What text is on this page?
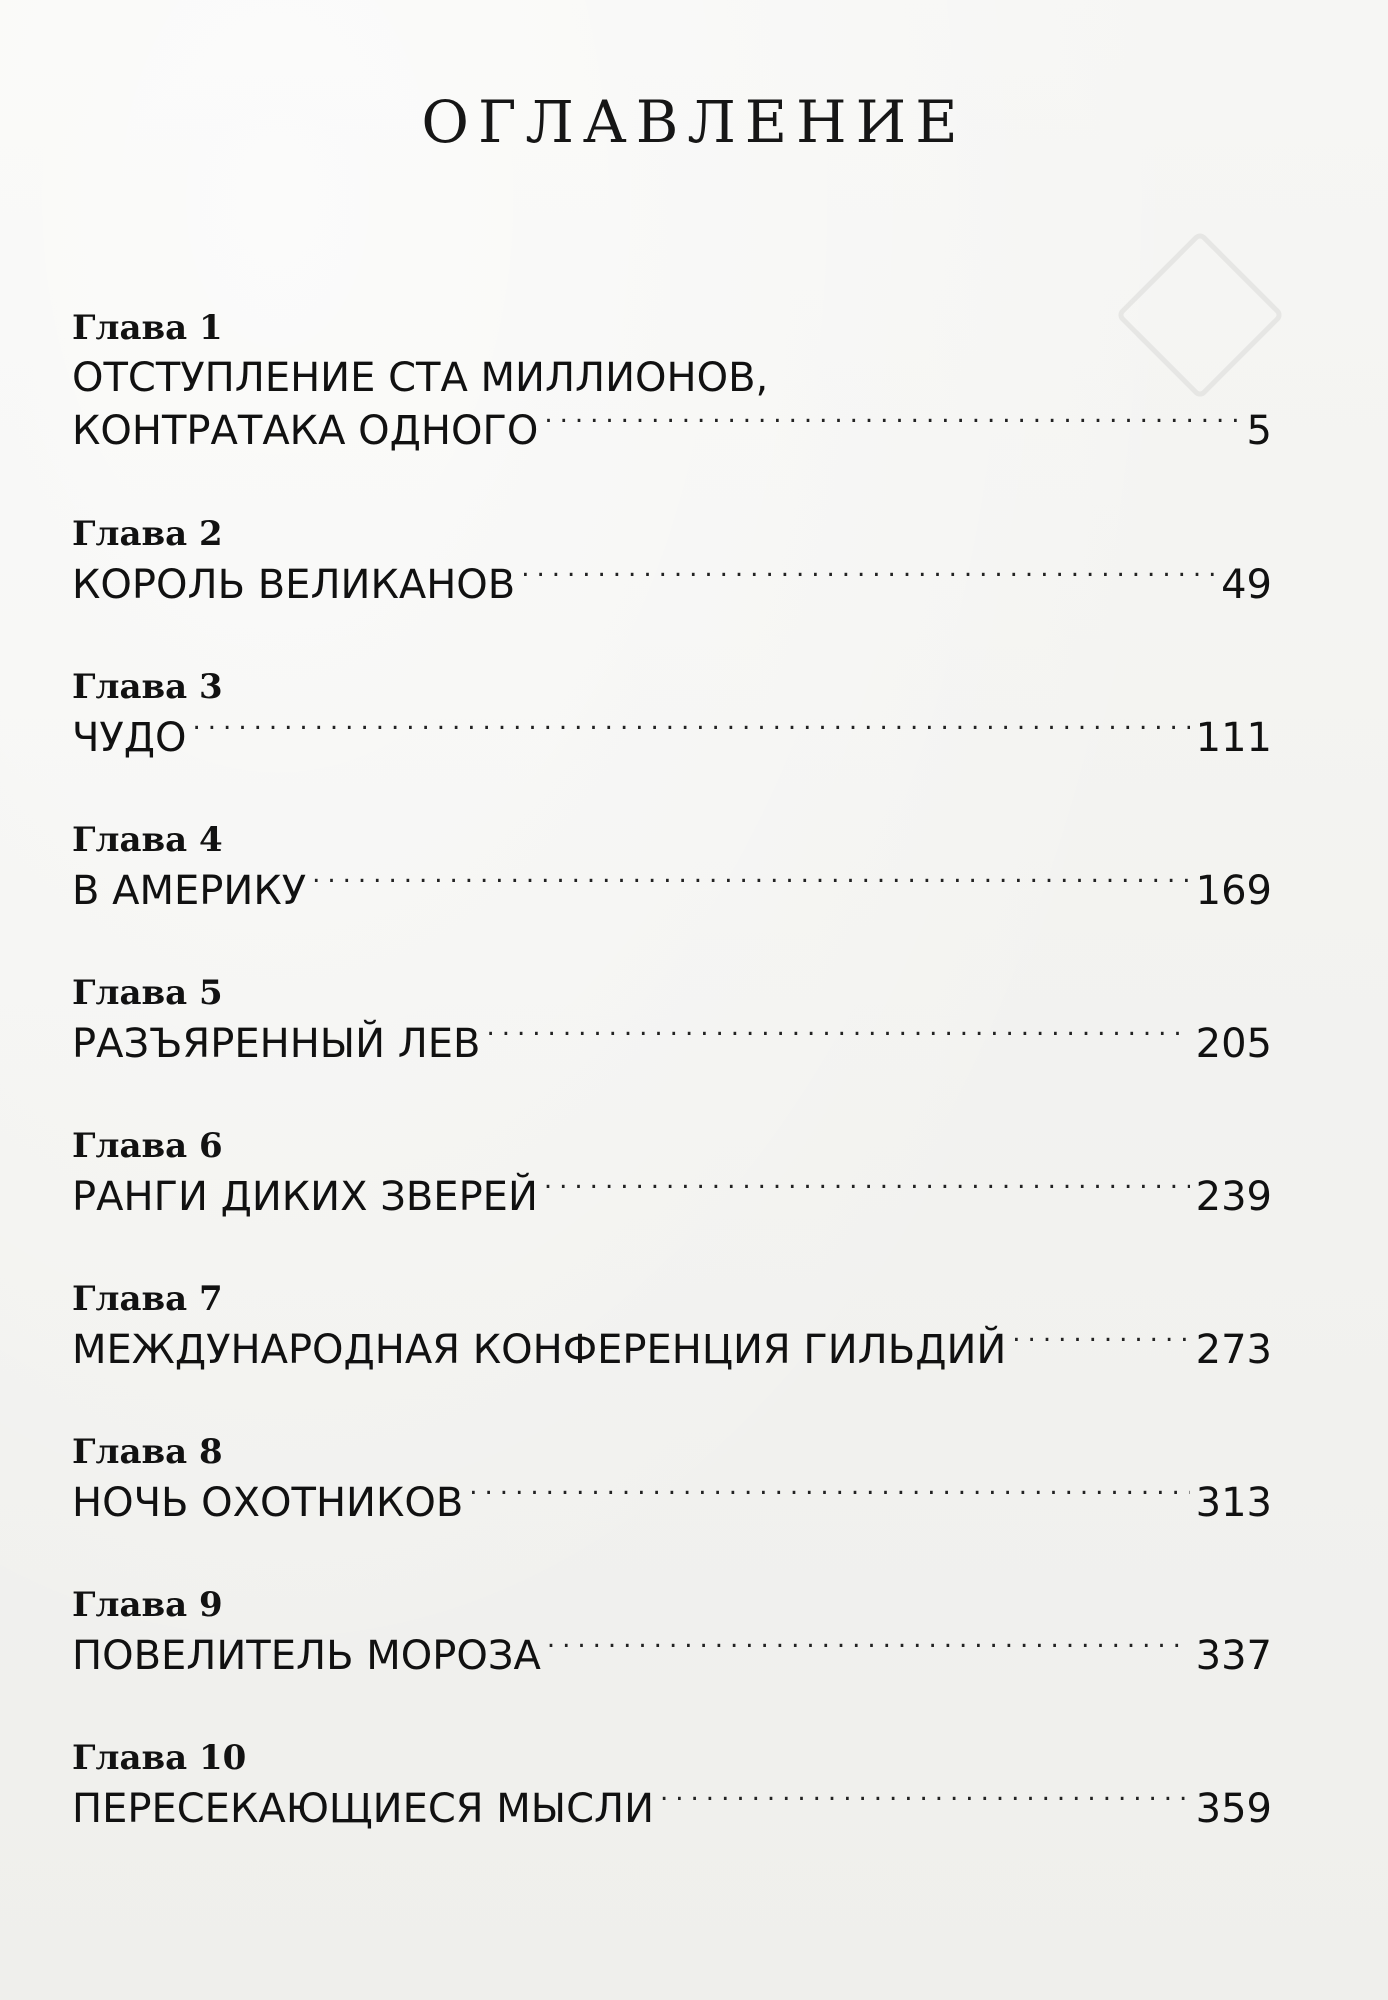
ОГЛАВЛЕНИЕ
Глава 1
ОТСТУПЛЕНИЕ СТА МИЛЛИОНОВ,
КОНТРАТАКА ОДНОГО .....	5
Глава 2
КОРОЛЬ ВЕЛИКАНОВ .....	49
Глава 3
ЧУДО .....	111
Глава 4
В АМЕРИКУ .....	169
Глава 5
РАЗЪЯРЕННЫЙ ЛЕВ .....	205
Глава 6
РАНГИ ДИКИХ ЗВЕРЕЙ .....	239
Глава 7
МЕЖДУНАРОДНАЯ КОНФЕРЕНЦИЯ ГИЛЬДИЙ .....	273
Глава 8
НОЧЬ ОХОТНИКОВ .....	313
Глава 9
ПОВЕЛИТЕЛЬ МОРОЗА .....	337
Глава 10
ПЕРЕСЕКАЮЩИЕСЯ МЫСЛИ .....	359
